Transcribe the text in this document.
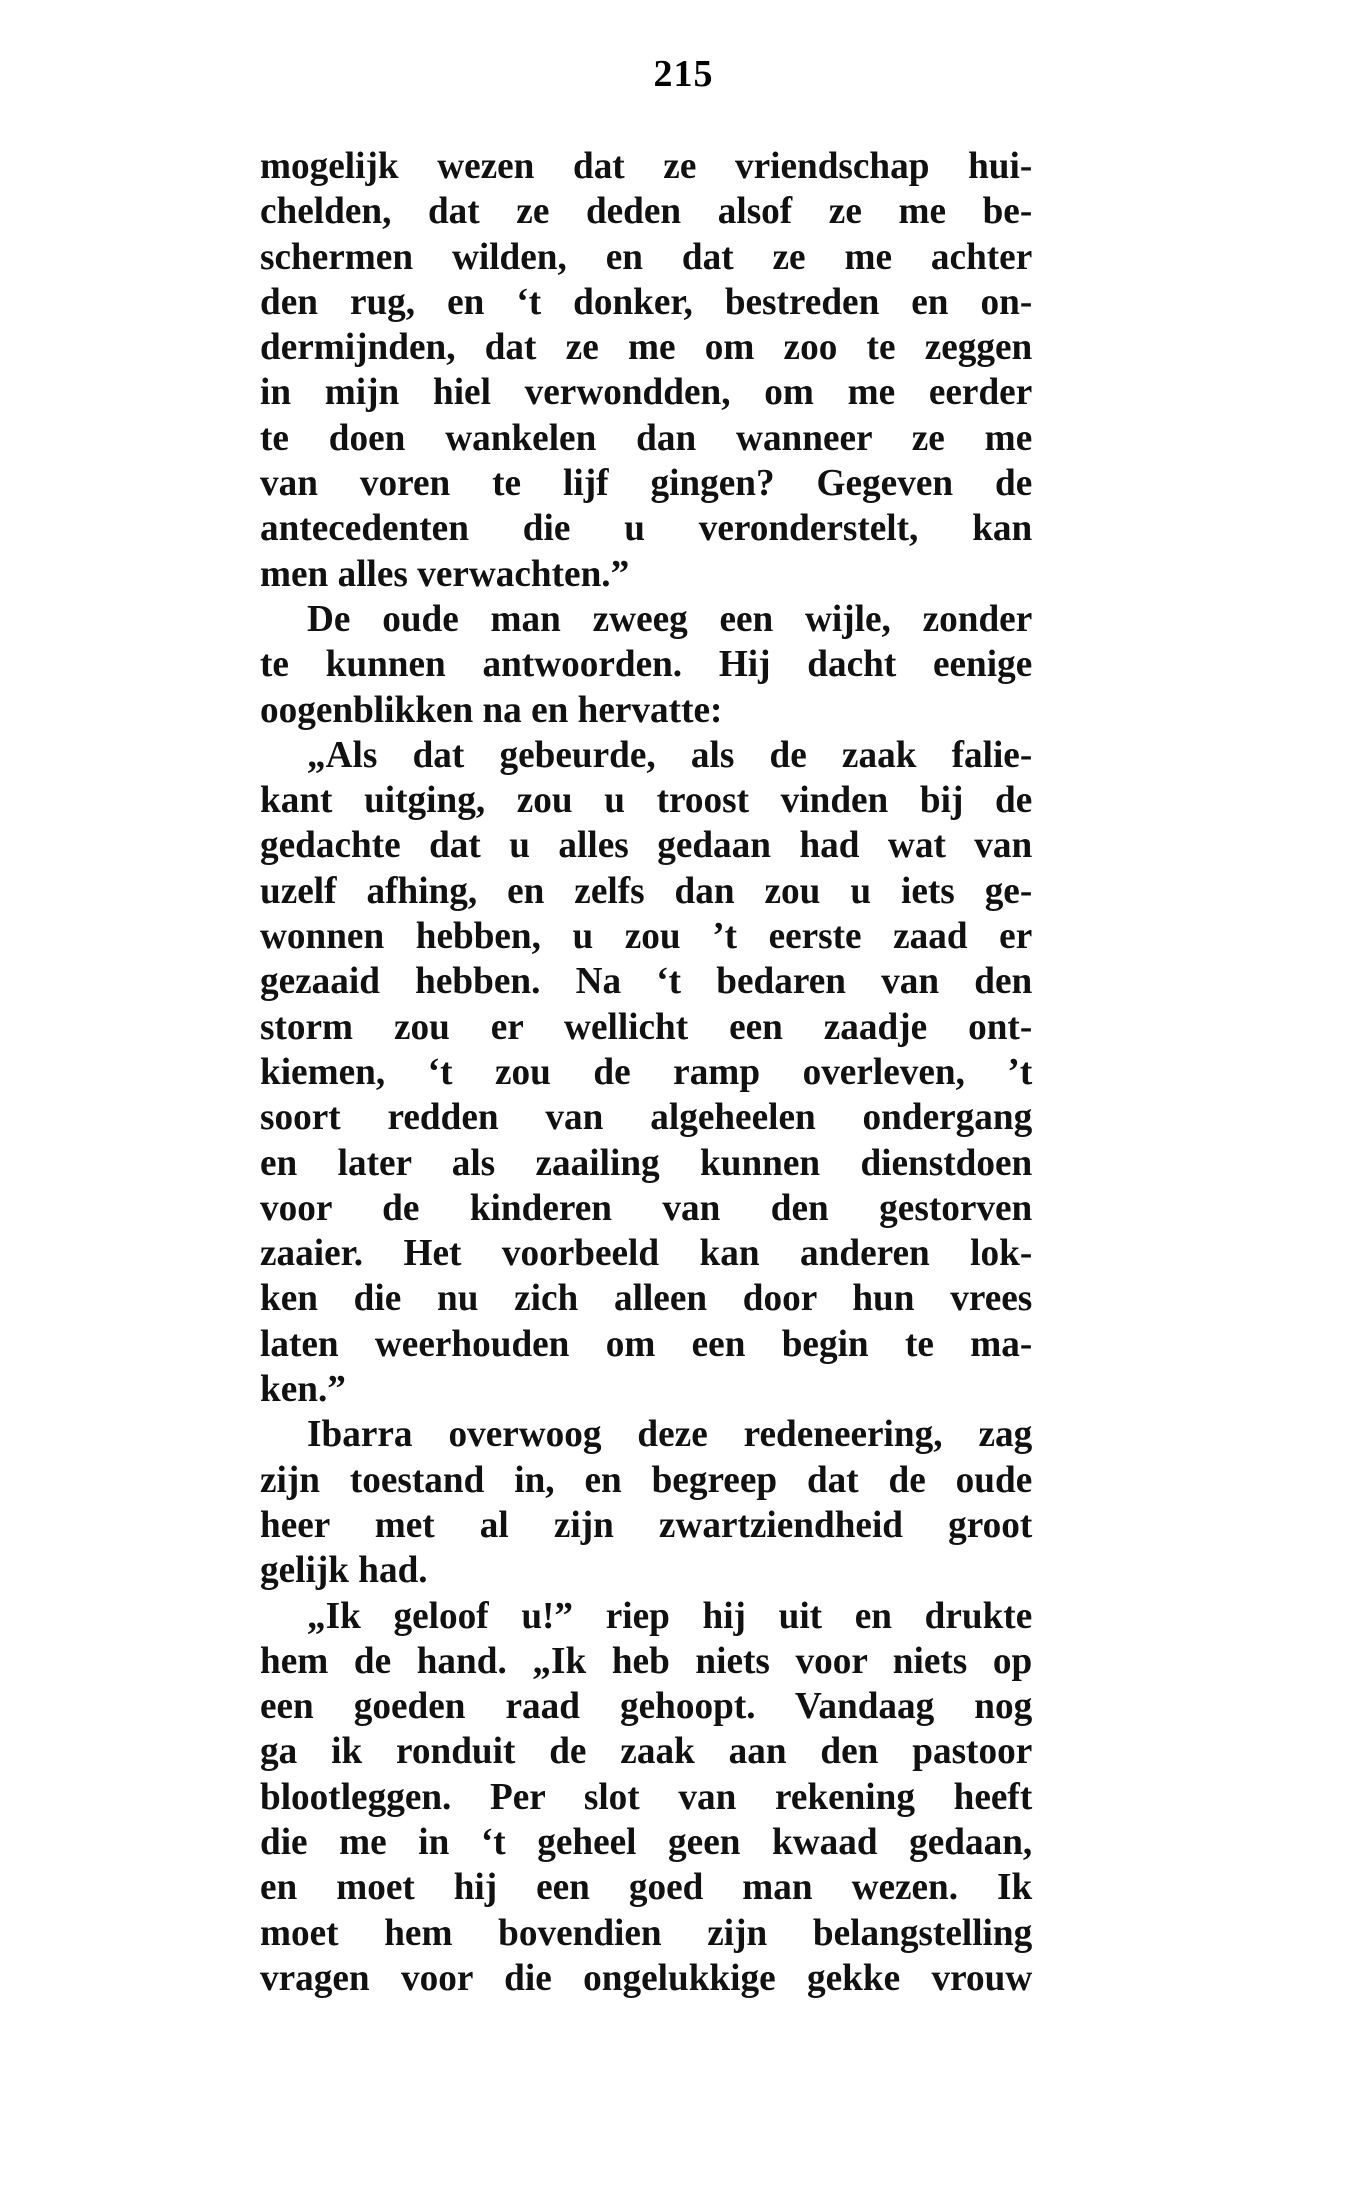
215
mogelijk wezen dat ze vriendschap hui-
chelden, dat ze deden alsof ze me be-
schermen wilden, en dat ze me achter
den rug, en ‘t donker, bestreden en on-
dermijnden, dat ze me om zoo te zeggen
in mijn hiel verwondden, om me eerder
te doen wankelen dan wanneer ze me
van voren te lijf gingen? Gegeven de
antecedenten die u veronderstelt, kan
men alles verwachten.”
De oude man zweeg een wijle, zonder
te kunnen antwoorden. Hij dacht eenige
oogenblikken na en hervatte:
„Als dat gebeurde, als de zaak falie-
kant uitging, zou u troost vinden bij de
gedachte dat u alles gedaan had wat van
uzelf afhing, en zelfs dan zou u iets ge-
wonnen hebben, u zou ’t eerste zaad er
gezaaid hebben. Na ‘t bedaren van den
storm zou er wellicht een zaadje ont-
kiemen, ‘t zou de ramp overleven, ’t
soort redden van algeheelen ondergang
en later als zaailing kunnen dienstdoen
voor de kinderen van den gestorven
zaaier. Het voorbeeld kan anderen lok-
ken die nu zich alleen door hun vrees
laten weerhouden om een begin te ma-
ken.”
Ibarra overwoog deze redeneering, zag
zijn toestand in, en begreep dat de oude
heer met al zijn zwartziendheid groot
gelijk had.
„Ik geloof u!” riep hij uit en drukte
hem de hand. „Ik heb niets voor niets op
een goeden raad gehoopt. Vandaag nog
ga ik ronduit de zaak aan den pastoor
blootleggen. Per slot van rekening heeft
die me in ‘t geheel geen kwaad gedaan,
en moet hij een goed man wezen. Ik
moet hem bovendien zijn belangstelling
vragen voor die ongelukkige gekke vrouw
